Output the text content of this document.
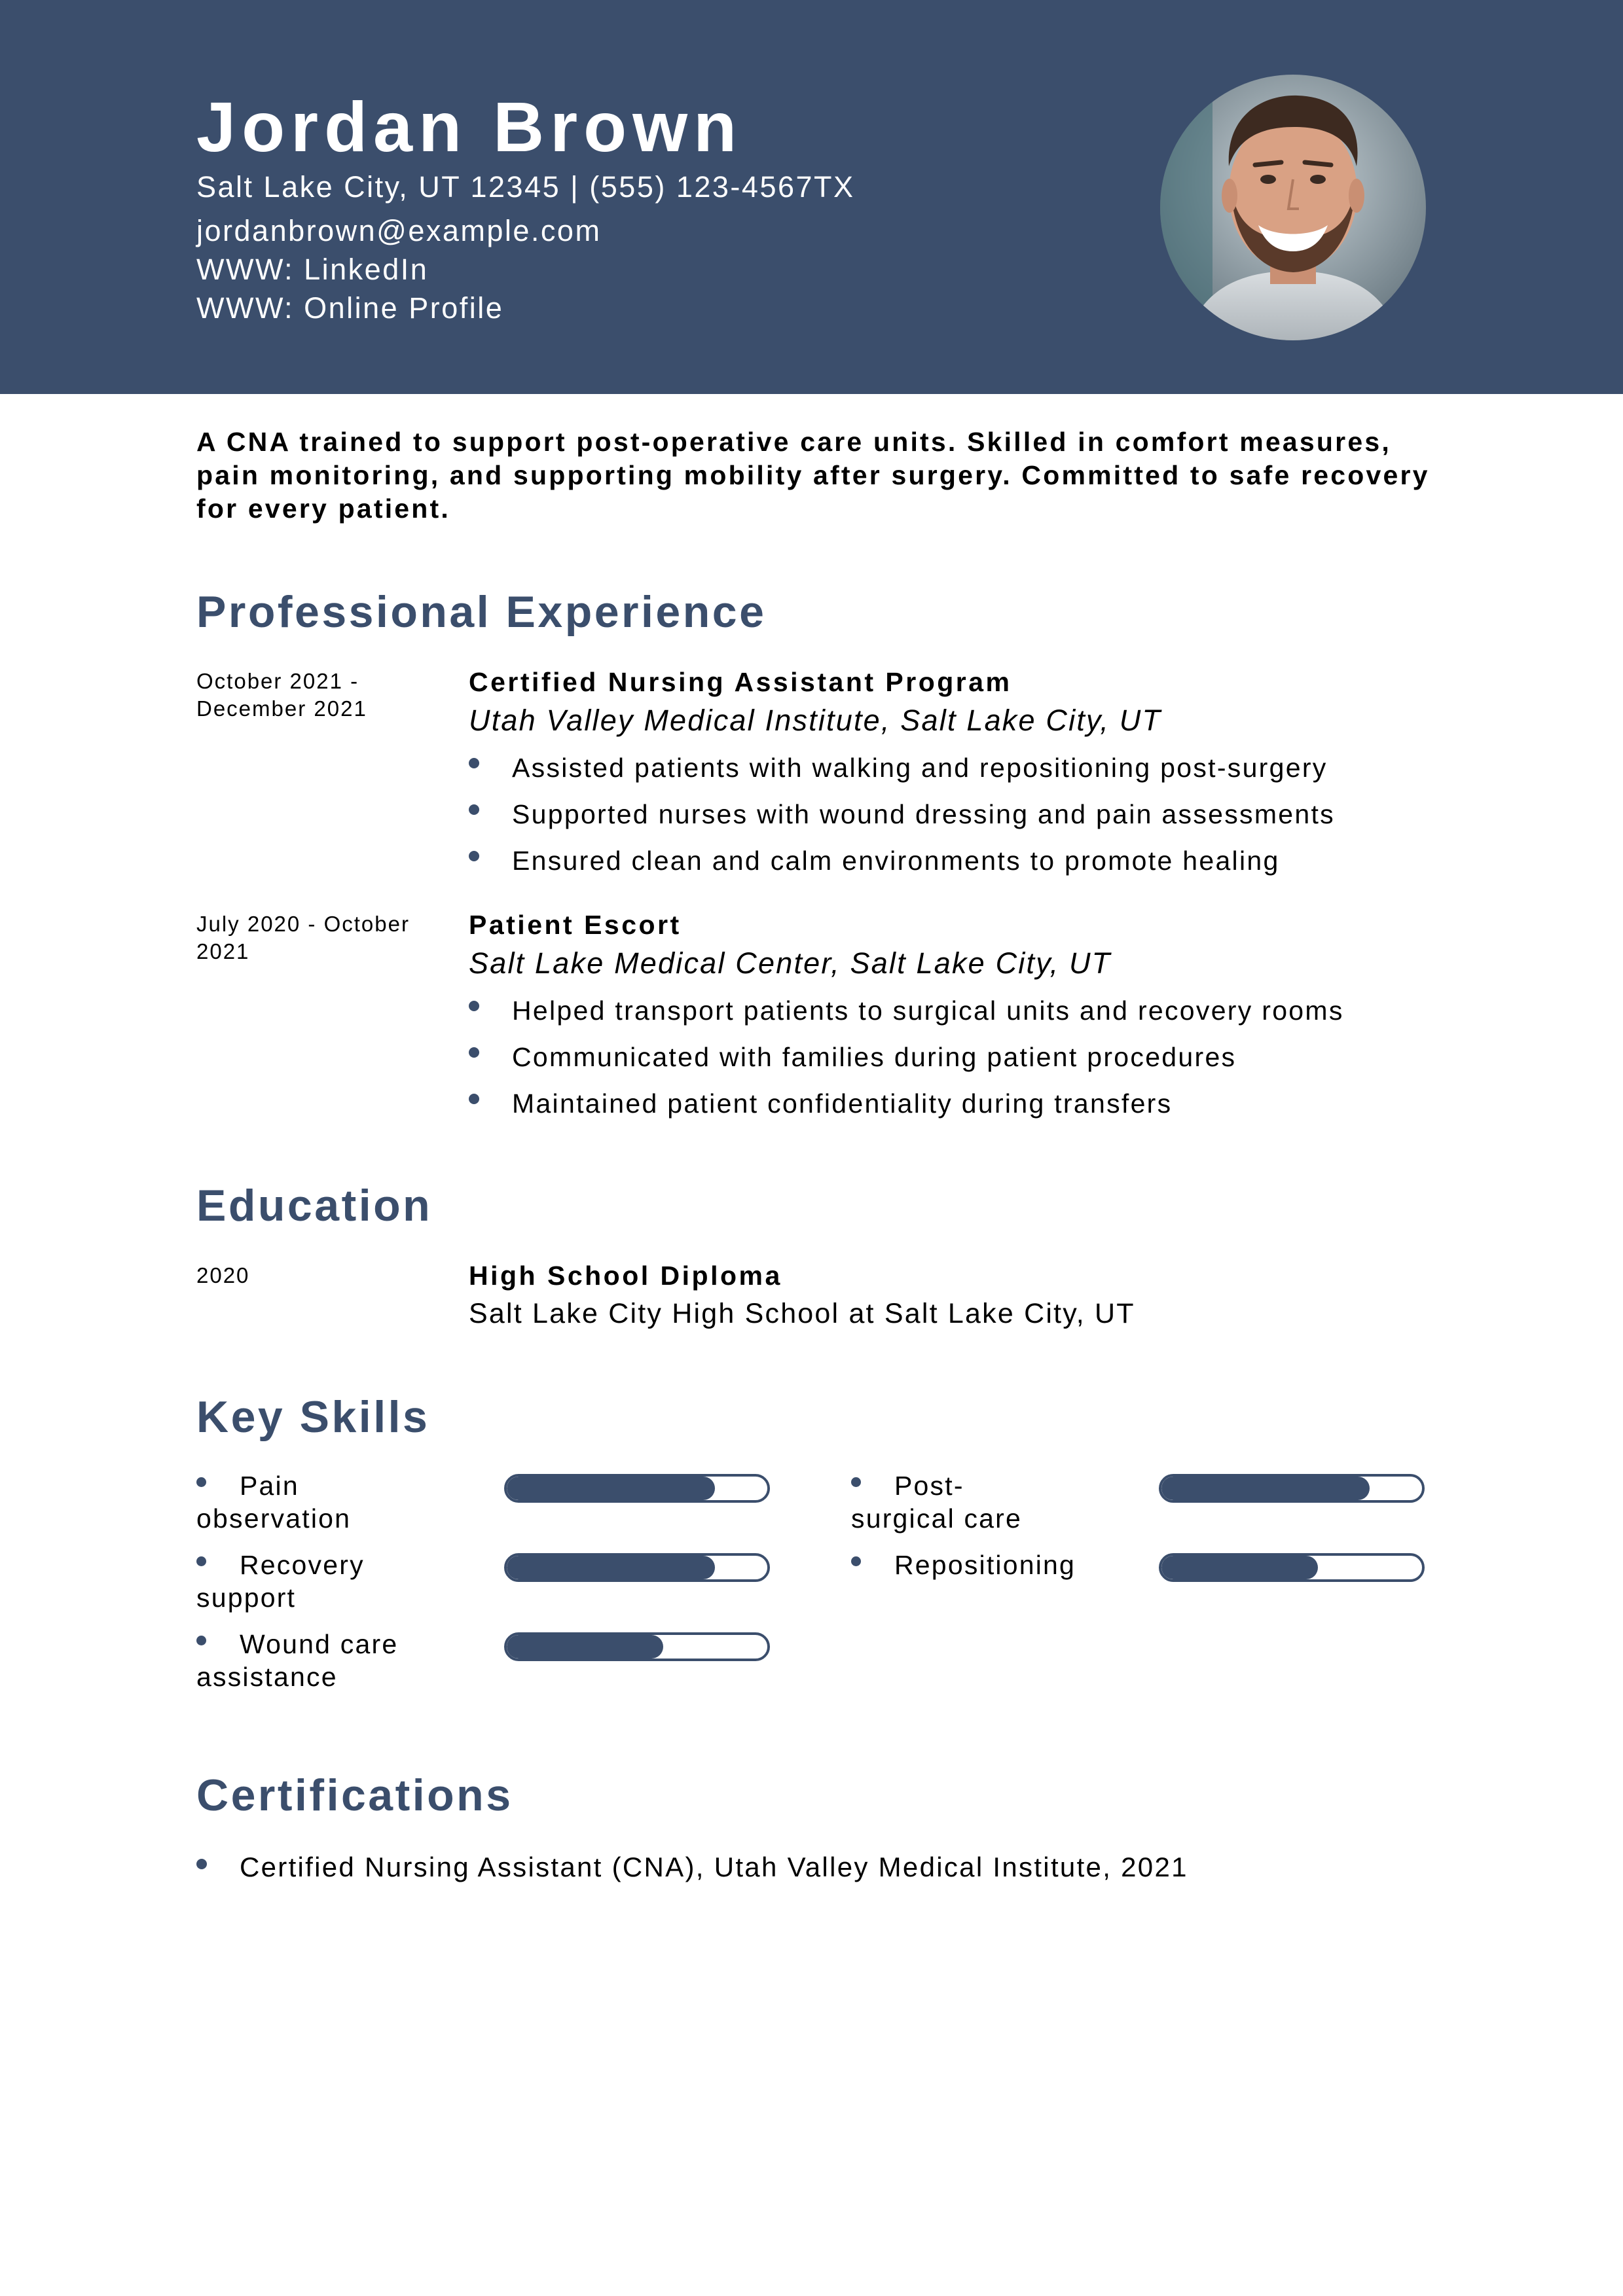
Jordan Brown
Salt Lake City, UT 12345 | (555) 123-4567TX
jordanbrown@example.com
WWW: LinkedIn
WWW: Online Profile
A CNA trained to support post-operative care units. Skilled in comfort measures, pain monitoring, and supporting mobility after surgery. Committed to safe recovery for every patient.
Professional Experience
October 2021 - December 2021
Certified Nursing Assistant Program
Utah Valley Medical Institute, Salt Lake City, UT
Assisted patients with walking and repositioning post-surgery
Supported nurses with wound dressing and pain assessments
Ensured clean and calm environments to promote healing
July 2020 - October 2021
Patient Escort
Salt Lake Medical Center, Salt Lake City, UT
Helped transport patients to surgical units and recovery rooms
Communicated with families during patient procedures
Maintained patient confidentiality during transfers
Education
2020	High School Diploma
Salt Lake City High School at Salt Lake City, UT
Key Skills
Pain observation
Post-surgical care
Recovery support
Repositioning
Wound care assistance
Certifications
Certified Nursing Assistant (CNA), Utah Valley Medical Institute, 2021
